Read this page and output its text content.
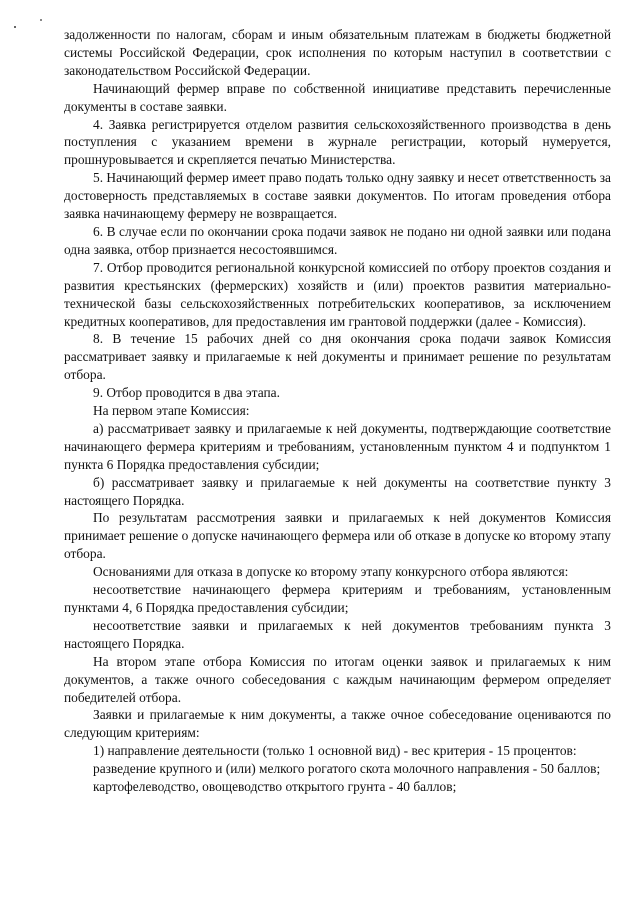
задолженности по налогам, сборам и иным обязательным платежам в бюджеты бюджетной системы Российской Федерации, срок исполнения по которым наступил в соответствии с законодательством Российской Федерации.

Начинающий фермер вправе по собственной инициативе представить перечисленные документы в составе заявки.

4. Заявка регистрируется отделом развития сельскохозяйственного производства в день поступления с указанием времени в журнале регистрации, который нумеруется, прошнуровывается и скрепляется печатью Министерства.

5. Начинающий фермер имеет право подать только одну заявку и несет ответственность за достоверность представляемых в составе заявки документов. По итогам проведения отбора заявка начинающему фермеру не возвращается.

6. В случае если по окончании срока подачи заявок не подано ни одной заявки или подана одна заявка, отбор признается несостоявшимся.

7. Отбор проводится региональной конкурсной комиссией по отбору проектов создания и развития крестьянских (фермерских) хозяйств и (или) проектов развития материально-технической базы сельскохозяйственных потребительских кооперативов, за исключением кредитных кооперативов, для предоставления им грантовой поддержки (далее - Комиссия).

8. В течение 15 рабочих дней со дня окончания срока подачи заявок Комиссия рассматривает заявку и прилагаемые к ней документы и принимает решение по результатам отбора.

9. Отбор проводится в два этапа.

На первом этапе Комиссия:

а) рассматривает заявку и прилагаемые к ней документы, подтверждающие соответствие начинающего фермера критериям и требованиям, установленным пунктом 4 и подпунктом 1 пункта 6 Порядка предоставления субсидии;

б) рассматривает заявку и прилагаемые к ней документы на соответствие пункту 3 настоящего Порядка.

По результатам рассмотрения заявки и прилагаемых к ней документов Комиссия принимает решение о допуске начинающего фермера или об отказе в допуске ко второму этапу отбора.

Основаниями для отказа в допуске ко второму этапу конкурсного отбора являются:

несоответствие начинающего фермера критериям и требованиям, установленным пунктами 4, 6 Порядка предоставления субсидии;

несоответствие заявки и прилагаемых к ней документов требованиям пункта 3 настоящего Порядка.

На втором этапе отбора Комиссия по итогам оценки заявок и прилагаемых к ним документов, а также очного собеседования с каждым начинающим фермером определяет победителей отбора.

Заявки и прилагаемые к ним документы, а также очное собеседование оцениваются по следующим критериям:

1) направление деятельности (только 1 основной вид) - вес критерия - 15 процентов:

разведение крупного и (или) мелкого рогатого скота молочного направления - 50 баллов;

картофелеводство, овощеводство открытого грунта - 40 баллов;
